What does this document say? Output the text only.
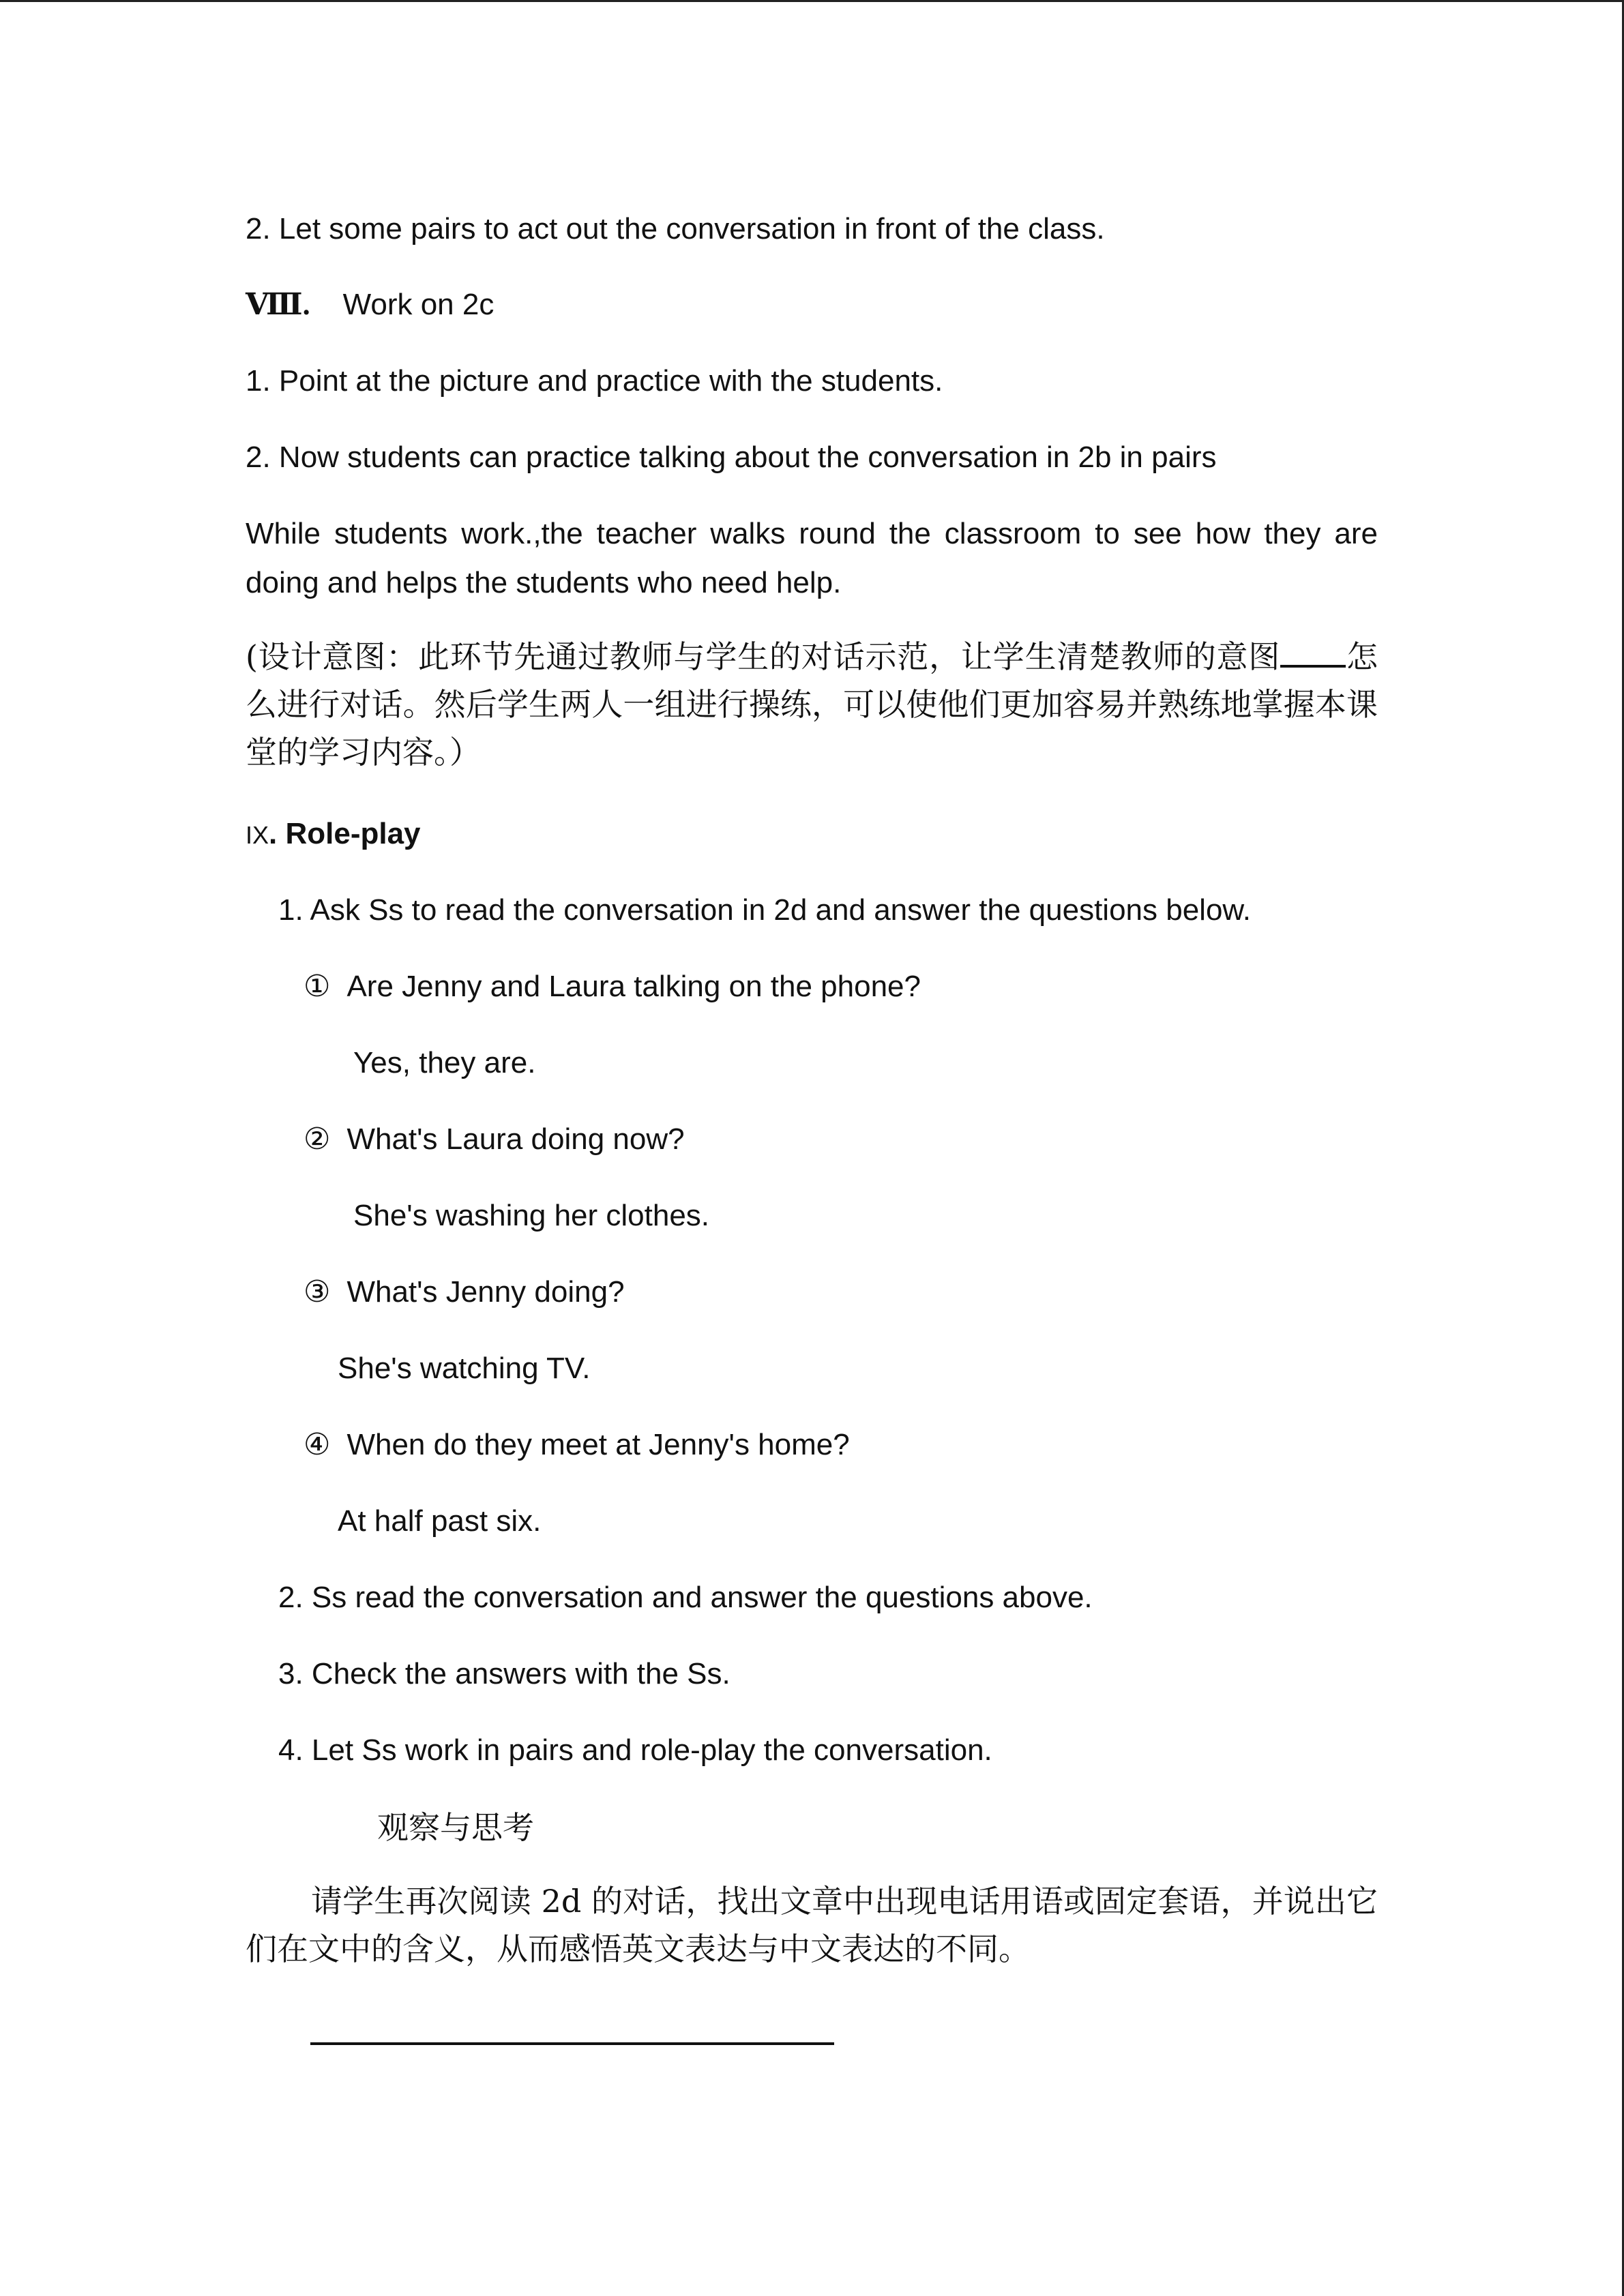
2. Let some pairs to act out the conversation in front of the class.
Ⅷ. Work on 2c
1. Point at the picture and practice with the students.
2. Now students can practice talking about the conversation in 2b in pairs
While students work.,the teacher walks round the classroom to see how they are doing and helps the students who need help.
(设计意图：此环节先通过教师与学生的对话示范，让学生清楚教师的意图 怎么进行对话。然后学生两人一组进行操练，可以使他们更加容易并熟练地掌握本课堂的学习内容。）
IX. Role-play
1. Ask Ss to read the conversation in 2d and answer the questions below.
① Are Jenny and Laura talking on the phone?
Yes, they are.
② What's Laura doing now?
She's washing her clothes.
③ What's Jenny doing?
She's watching TV.
④ When do they meet at Jenny's home?
At half past six.
2. Ss read the conversation and answer the questions above.
3. Check the answers with the Ss.
4. Let Ss work in pairs and role-play the conversation.
观察与思考
请学生再次阅读 2d 的对话，找出文章中出现电话用语或固定套语，并说出它们在文中的含义，从而感悟英文表达与中文表达的不同。
